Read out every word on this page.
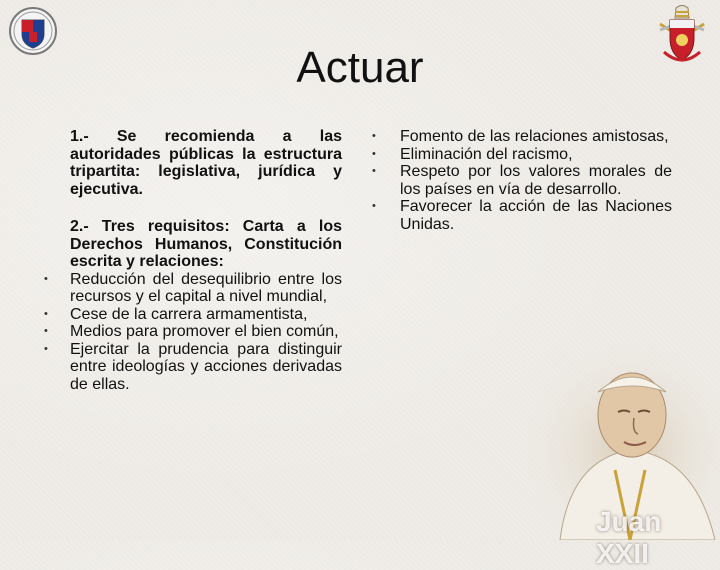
Actuar

1.- Se recomienda a las autoridades públicas la estructura tripartita: legislativa, jurídica y ejecutiva.

2.- Tres requisitos: Carta a los Derechos Humanos, Constitución escrita y relaciones:

• Reducción del desequilibrio entre los recursos y el capital a nivel mundial,
• Cese de la carrera armamentista,
• Medios para promover el bien común,
• Ejercitar la prudencia para distinguir entre ideologías y acciones derivadas de ellas.
• Fomento de las relaciones amistosas,
• Eliminación del racismo,
• Respeto por los valores morales de los países en vía de desarrollo.
• Favorecer la acción de las Naciones Unidas.
Juan XXII
